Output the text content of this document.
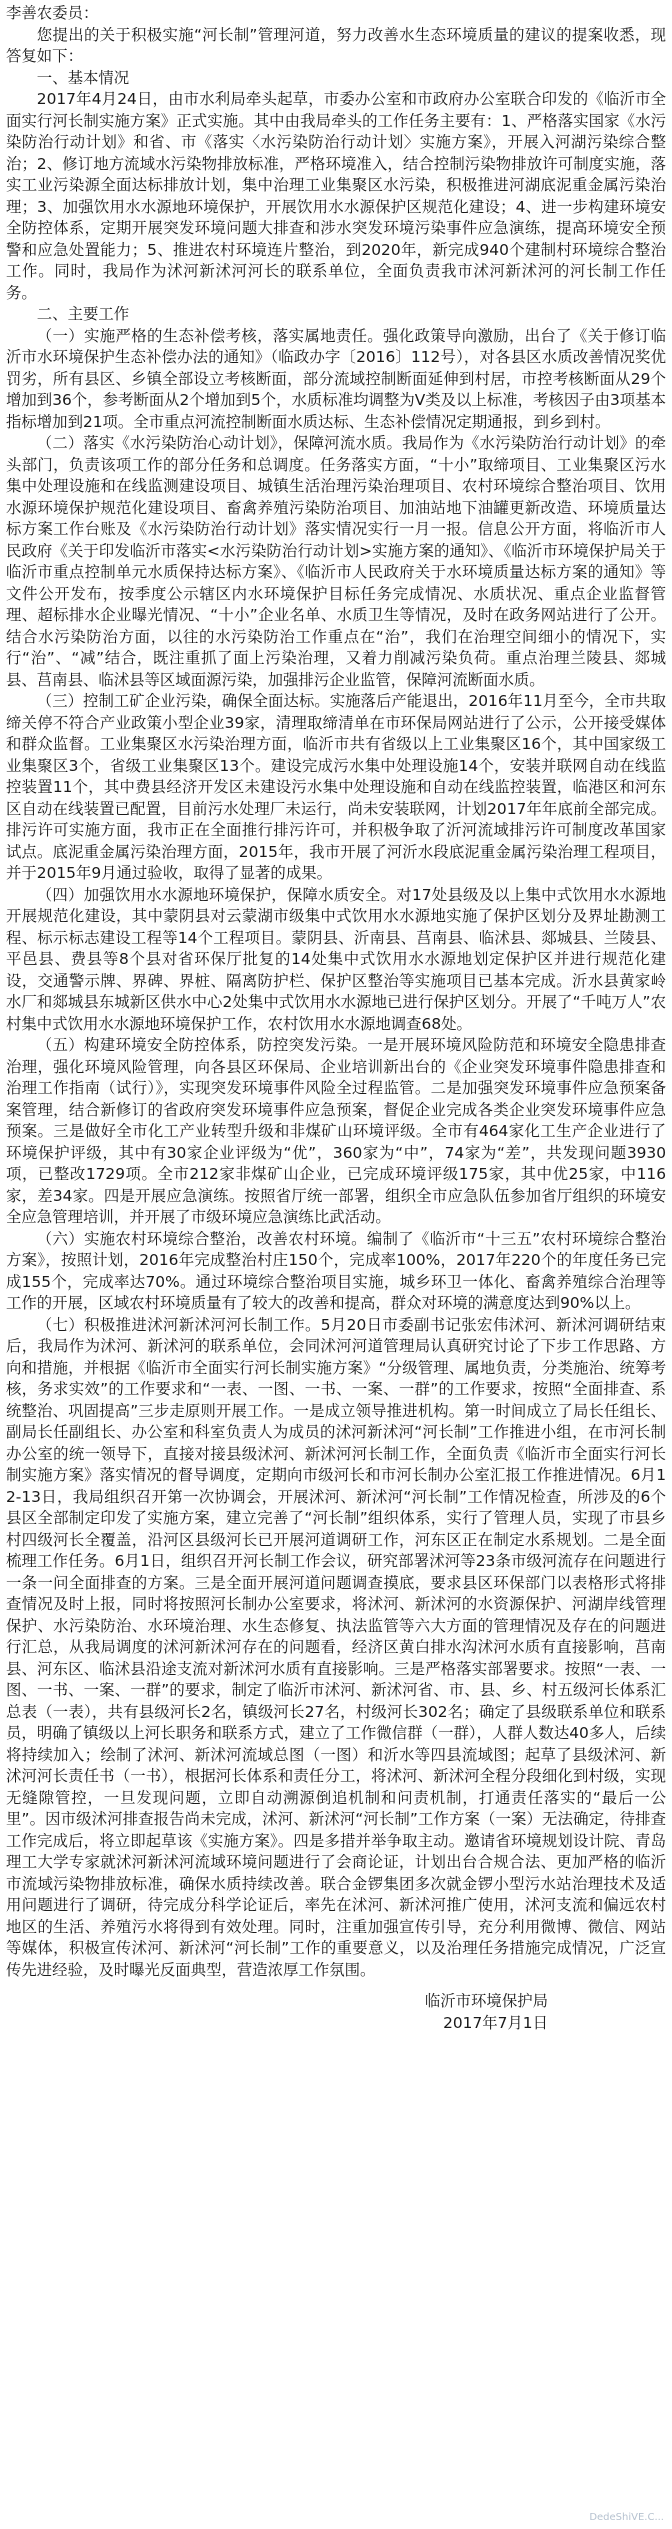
李善农委员：

您提出的关于积极实施“河长制”管理河道，努力改善水生态环境质量的建议的提案收悉，现答复如下：

一、基本情况

2017年4月24日，由市水利局牵头起草，市委办公室和市政府办公室联合印发的《临沂市全面实行河长制实施方案》正式实施。其中由我局牵头的工作任务主要有：1、严格落实国家《水污染防治行动计划》和省、市《落实〈水污染防治行动计划〉实施方案》，开展入河湖污染综合整治；2、修订地方流域水污染物排放标准，严格环境准入，结合控制污染物排放许可制度实施，落实工业污染源全面达标排放计划，集中治理工业集聚区水污染，积极推进河湖底泥重金属污染治理；3、加强饮用水水源地环境保护，开展饮用水水源保护区规范化建设；4、进一步构建环境安全防控体系，定期开展突发环境问题大排查和涉水突发环境污染事件应急演练，提高环境安全预警和应急处置能力；5、推进农村环境连片整治，到2020年，新完成940个建制村环境综合整治工作。同时，我局作为沭河新沭河河长的联系单位，全面负责我市沭河新沭河的河长制工作任务。

二、主要工作

（一）实施严格的生态补偿考核，落实属地责任。强化政策导向激励，出台了《关于修订临沂市水环境保护生态补偿办法的通知》（临政办字〔2016〕112号），对各县区水质改善情况奖优罚劣，所有县区、乡镇全部设立考核断面，部分流域控制断面延伸到村居，市控考核断面从29个增加到36个，参考断面从2个增加到5个，水质标准均调整为Ⅴ类及以上标准，考核因子由3项基本指标增加到21项。全市重点河流控制断面水质达标、生态补偿情况定期通报，到乡到村。

（二）落实《水污染防治心动计划》，保障河流水质。我局作为《水污染防治行动计划》的牵头部门，负责该项工作的部分任务和总调度。任务落实方面，“十小”取缔项目、工业集聚区污水集中处理设施和在线监测建设项目、城镇生活治理污染治理项目、农村环境综合整治项目、饮用水源环境保护规范化建设项目、畜禽养殖污染防治项目、加油站地下油罐更新改造、环境质量达标方案工作台账及《水污染防治行动计划》落实情况实行一月一报。信息公开方面，将临沂市人民政府《关于印发临沂市落实<水污染防治行动计划>实施方案的通知》、《临沂市环境保护局关于临沂市重点控制单元水质保持达标方案》、《临沂市人民政府关于水环境质量达标方案的通知》等文件公开发布，按季度公示辖区内水环境保护目标任务完成情况、水质状况、重点企业监督管理、超标排水企业曝光情况、“十小”企业名单、水质卫生等情况，及时在政务网站进行了公开。结合水污染防治方面，以往的水污染防治工作重点在“治”，我们在治理空间细小的情况下，实行“治”、“减”结合，既注重抓了面上污染治理，又着力削减污染负荷。重点治理兰陵县、郯城县、莒南县、临沭县等区域面源污染，加强排污企业监管，保障河流断面水质。

（三）控制工矿企业污染，确保全面达标。实施落后产能退出，2016年11月至今，全市共取缔关停不符合产业政策小型企业39家，清理取缔清单在市环保局网站进行了公示，公开接受媒体和群众监督。工业集聚区水污染治理方面，临沂市共有省级以上工业集聚区16个，其中国家级工业集聚区3个，省级工业集聚区13个。建设完成污水集中处理设施14个，安装并联网自动在线监控装置11个，其中费县经济开发区未建设污水集中处理设施和自动在线监控装置，临港区和河东区自动在线装置已配置，目前污水处理厂未运行，尚未安装联网，计划2017年年底前全部完成。排污许可实施方面，我市正在全面推行排污许可，并积极争取了沂河流域排污许可制度改革国家试点。底泥重金属污染治理方面，2015年，我市开展了河沂水段底泥重金属污染治理工程项目，并于2015年9月通过验收，取得了显著的成果。

（四）加强饮用水水源地环境保护，保障水质安全。对17处县级及以上集中式饮用水水源地开展规范化建设，其中蒙阴县对云蒙湖市级集中式饮用水水源地实施了保护区划分及界址勘测工程、标示标志建设工程等14个工程项目。蒙阴县、沂南县、莒南县、临沭县、郯城县、兰陵县、平邑县、费县等8个县对省环保厅批复的14处集中式饮用水水源地划定保护区并进行规范化建设，交通警示牌、界碑、界桩、隔离防护栏、保护区整治等实施项目已基本完成。沂水县黄家岭水厂和郯城县东城新区供水中心2处集中式饮用水水源地已进行保护区划分。开展了“千吨万人”农村集中式饮用水水源地环境保护工作，农村饮用水水源地调查68处。

（五）构建环境安全防控体系，防控突发污染。一是开展环境风险防范和环境安全隐患排查治理，强化环境风险管理，向各县区环保局、企业培训新出台的《企业突发环境事件隐患排查和治理工作指南（试行）》，实现突发环境事件风险全过程监管。二是加强突发环境事件应急预案备案管理，结合新修订的省政府突发环境事件应急预案，督促企业完成各类企业突发环境事件应急预案。三是做好全市化工产业转型升级和非煤矿山环境评级。全市有464家化工生产企业进行了环境保护评级，其中有30家企业评级为“优”，360家为“中”，74家为“差”，共发现问题3930项，已整改1729项。全市212家非煤矿山企业，已完成环境评级175家，其中优25家，中116家，差34家。四是开展应急演练。按照省厅统一部署，组织全市应急队伍参加省厅组织的环境安全应急管理培训，并开展了市级环境应急演练比武活动。

（六）实施农村环境综合整治，改善农村环境。编制了《临沂市“十三五”农村环境综合整治方案》，按照计划，2016年完成整治村庄150个，完成率100%，2017年220个的年度任务已完成155个，完成率达70%。通过环境综合整治项目实施，城乡环卫一体化、畜禽养殖综合治理等工作的开展，区域农村环境质量有了较大的改善和提高，群众对环境的满意度达到90%以上。

（七）积极推进沭河新沭河河长制工作。5月20日市委副书记张宏伟沭河、新沭河调研结束后，我局作为沭河、新沭河的联系单位，会同沭河河道管理局认真研究讨论了下步工作思路、方向和措施，并根据《临沂市全面实行河长制实施方案》“分级管理、属地负责，分类施治、统筹考核，务求实效”的工作要求和“一表、一图、一书、一案、一群”的工作要求，按照“全面排查、系统整治、巩固提高”三步走原则开展工作。一是成立领导推进机构。第一时间成立了局长任组长、副局长任副组长、办公室和科室负责人为成员的沭河新沭河“河长制”工作推进小组，在市河长制办公室的统一领导下，直接对接县级沭河、新沭河河长制工作，全面负责《临沂市全面实行河长制实施方案》落实情况的督导调度，定期向市级河长和市河长制办公室汇报工作推进情况。6月12-13日，我局组织召开第一次协调会，开展沭河、新沭河“河长制”工作情况检查，所涉及的6个县区全部制定印发了实施方案，建立完善了“河长制”组织体系，实行了管理人员，实现了市县乡村四级河长全覆盖，沿河区县级河长已开展河道调研工作，河东区正在制定水系规划。二是全面梳理工作任务。6月1日，组织召开河长制工作会议，研究部署沭河等23条市级河流存在问题进行一条一问全面排查的方案。三是全面开展河道问题调查摸底，要求县区环保部门以表格形式将排查情况及时上报，同时将按照河长制办公室要求，将沭河、新沭河的水资源保护、河湖岸线管理保护、水污染防治、水环境治理、水生态修复、执法监管等六大方面的管理情况及存在的问题进行汇总，从我局调度的沭河新沭河存在的问题看，经济区黄白排水沟沭河水质有直接影响，莒南县、河东区、临沭县沿途支流对新沭河水质有直接影响。三是严格落实部署要求。按照“一表、一图、一书、一案、一群”的要求，制定了临沂市沭河、新沭河省、市、县、乡、村五级河长体系汇总表（一表），共有县级河长2名，镇级河长27名，村级河长302名；确定了县级联系单位和联系员，明确了镇级以上河长职务和联系方式，建立了工作微信群（一群），人群人数达40多人，后续将持续加入；绘制了沭河、新沭河流域总图（一图）和沂水等四县流域图；起草了县级沭河、新沭河河长责任书（一书），根据河长体系和责任分工，将沭河、新沭河全程分段细化到村级，实现无缝隙管控，一旦发现问题，立即自动溯源倒追机制和问责机制，打通责任落实的“最后一公里”。因市级沭河排查报告尚未完成，沭河、新沭河“河长制”工作方案（一案）无法确定，待排查工作完成后，将立即起草该《实施方案》。四是多措并举争取主动。邀请省环境规划设计院、青岛理工大学专家就沭河新沭河流域环境问题进行了会商论证，计划出台合规合法、更加严格的临沂市流域污染物排放标准，确保水质持续改善。联合金锣集团多次就金锣小型污水站治理技术及适用问题进行了调研，待完成分科学论证后，率先在沭河、新沭河推广使用，沭河支流和偏远农村地区的生活、养殖污水将得到有效处理。同时，注重加强宣传引导，充分利用微博、微信、网站等媒体，积极宣传沭河、新沭河“河长制”工作的重要意义，以及治理任务措施完成情况，广泛宣传先进经验，及时曝光反面典型，营造浓厚工作氛围。

临沂市环境保护局
2017年7月1日
DedeShiVE.C...
